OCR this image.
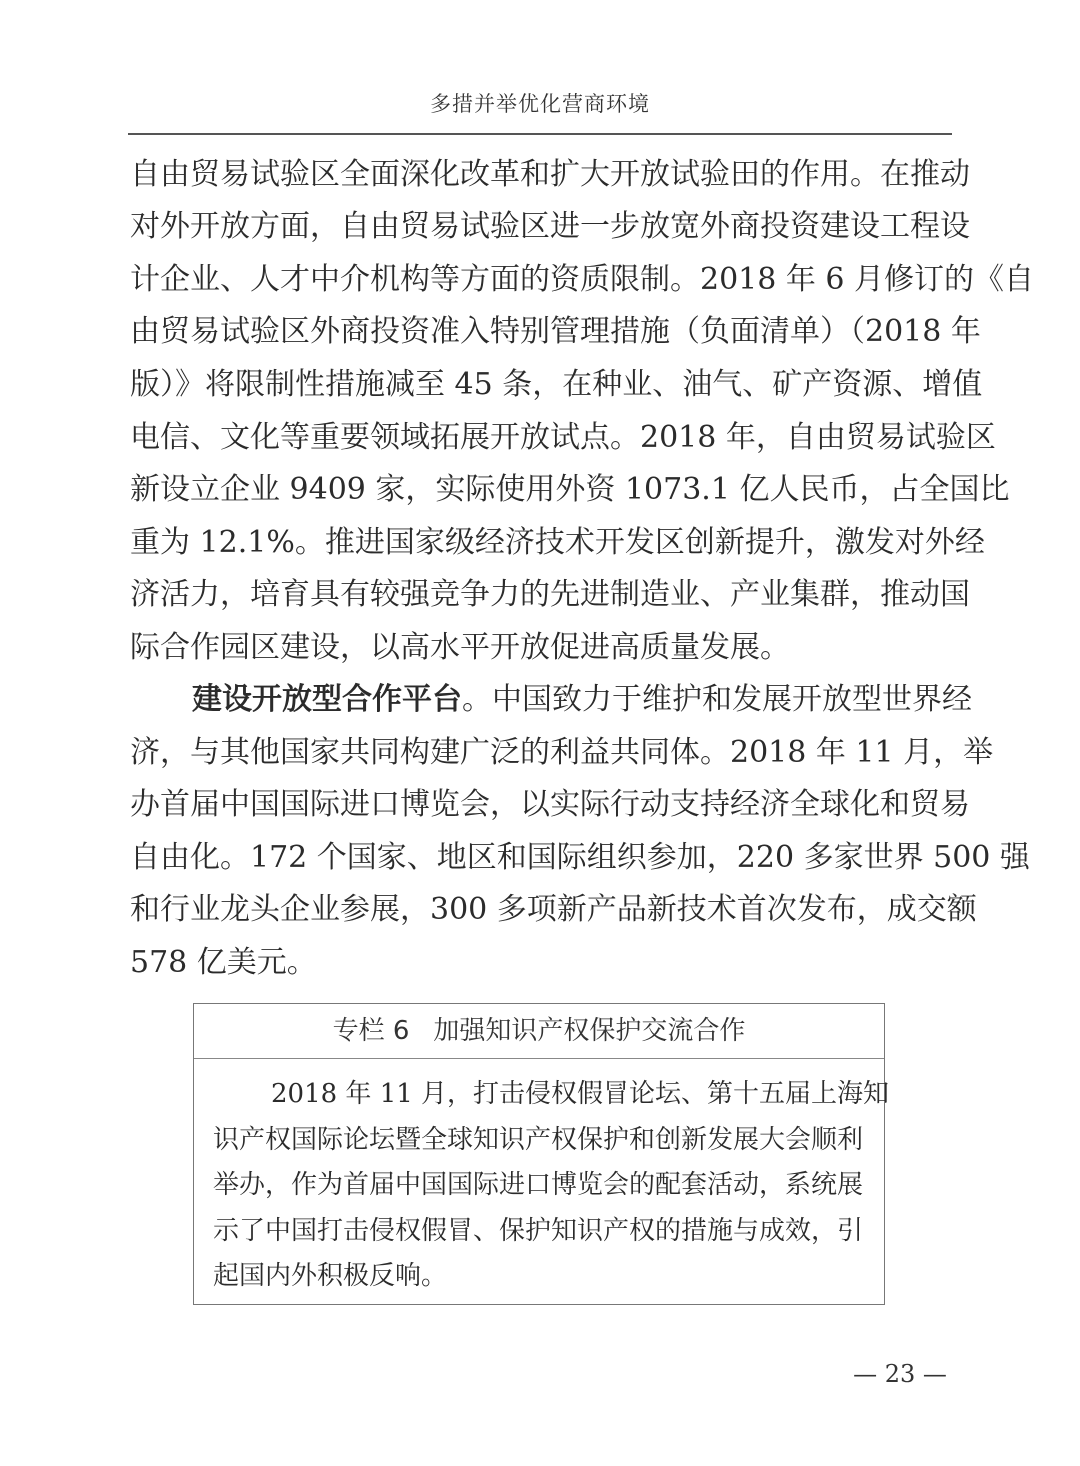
多措并举优化营商环境
自由贸易试验区全面深化改革和扩大开放试验田的作用。在推动
对外开放方面，自由贸易试验区进一步放宽外商投资建设工程设
计企业、人才中介机构等方面的资质限制。2018 年 6 月修订的《自
由贸易试验区外商投资准入特别管理措施（负面清单）（2018 年
版）》将限制性措施减至 45 条，在种业、油气、矿产资源、增值
电信、文化等重要领域拓展开放试点。2018 年，自由贸易试验区
新设立企业 9409 家，实际使用外资 1073.1 亿人民币，占全国比
重为 12.1%。推进国家级经济技术开发区创新提升，激发对外经
济活力，培育具有较强竞争力的先进制造业、产业集群，推动国
际合作园区建设，以高水平开放促进高质量发展。
建设开放型合作平台。中国致力于维护和发展开放型世界经
济，与其他国家共同构建广泛的利益共同体。2018 年 11 月，举
办首届中国国际进口博览会，以实际行动支持经济全球化和贸易
自由化。172 个国家、地区和国际组织参加，220 多家世界 500 强
和行业龙头企业参展，300 多项新产品新技术首次发布，成交额
578 亿美元。
专栏 6 加强知识产权保护交流合作
2018 年 11 月，打击侵权假冒论坛、第十五届上海知
识产权国际论坛暨全球知识产权保护和创新发展大会顺利
举办，作为首届中国国际进口博览会的配套活动，系统展
示了中国打击侵权假冒、保护知识产权的措施与成效，引
起国内外积极反响。
— 23 —
